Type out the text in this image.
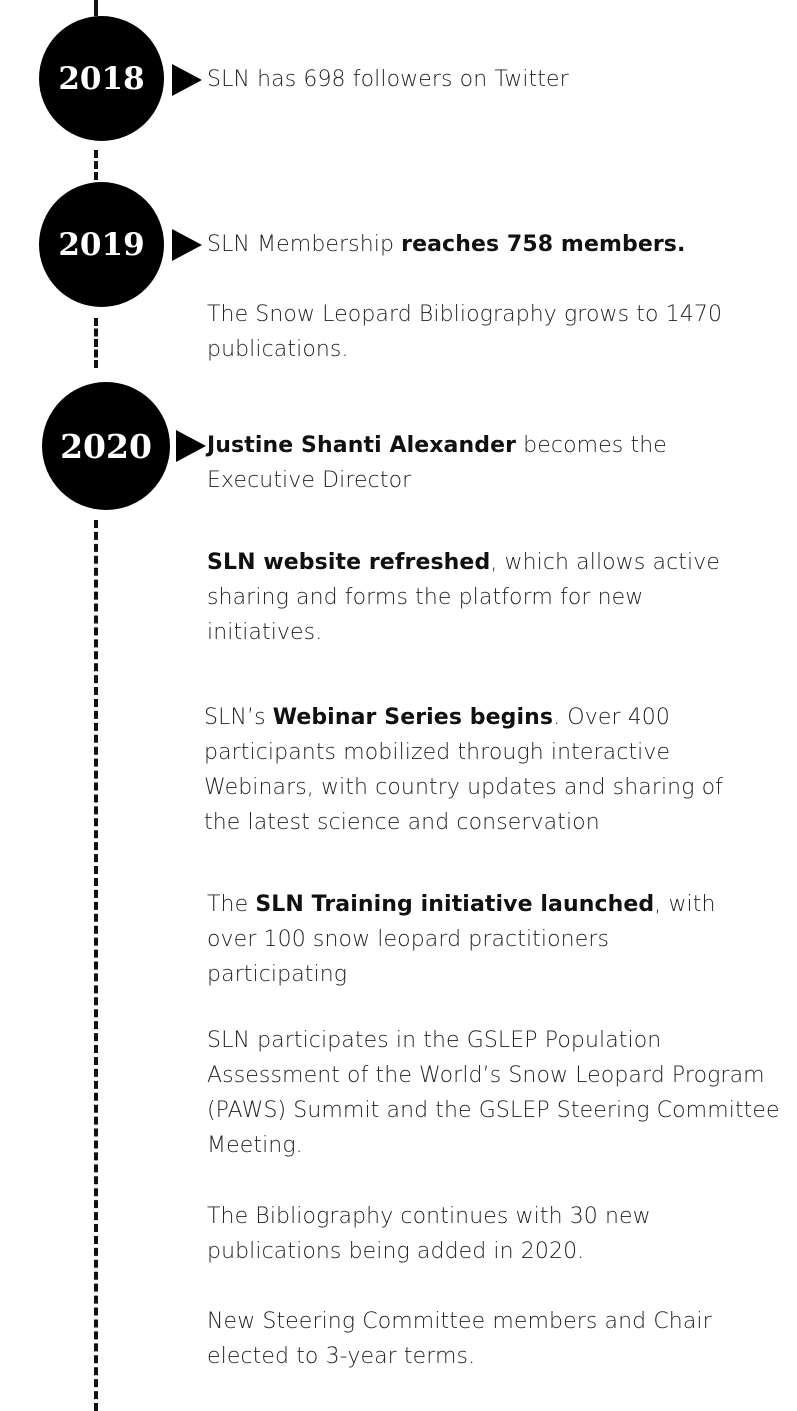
2018
2019
2020
SLN has 698 followers on Twitter
SLN Membership reaches 758 members.
The Snow Leopard Bibliography grows to 1470 publications.
Justine Shanti Alexander becomes the Executive Director
SLN website refreshed, which allows active sharing and forms the platform for new initiatives.
SLN’s Webinar Series begins. Over 400 participants mobilized through interactive Webinars, with country updates and sharing of the latest science and conservation
The SLN Training initiative launched, with over 100 snow leopard practitioners participating
SLN participates in the GSLEP Population Assessment of the World’s Snow Leopard Program (PAWS) Summit and the GSLEP Steering Committee Meeting.
The Bibliography continues with 30 new publications being added in 2020.
New Steering Committee members and Chair elected to 3-year terms.
